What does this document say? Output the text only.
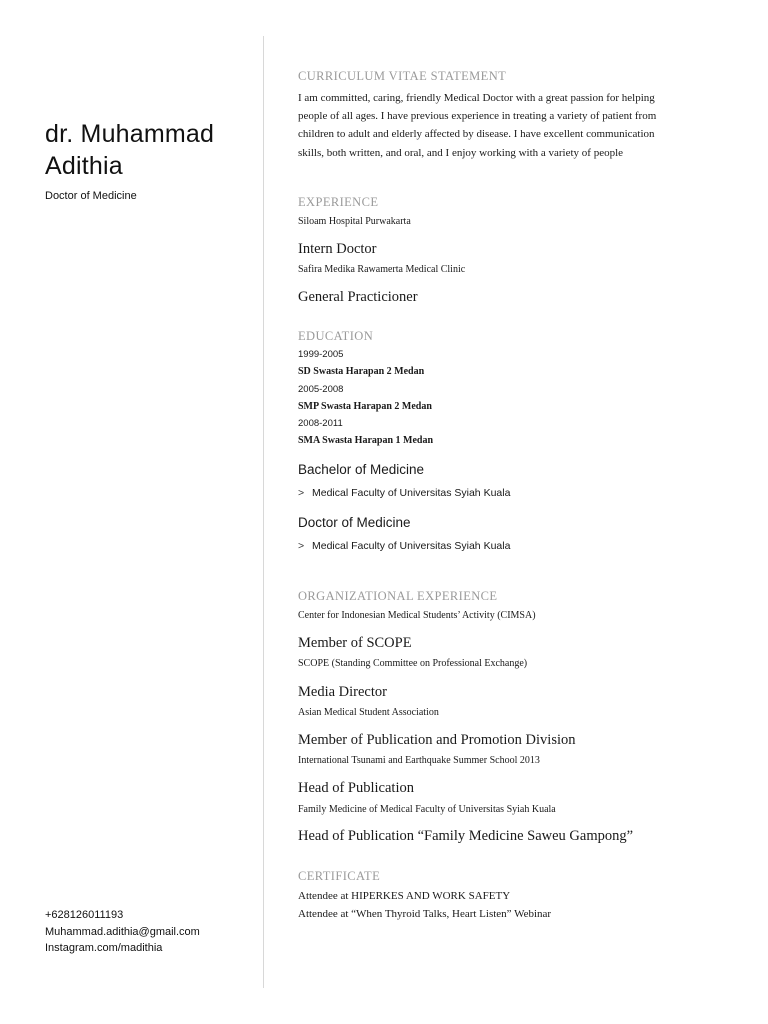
dr. Muhammad
Adithia
Doctor of Medicine
+628126011193
Muhammad.adithia@gmail.com
Instagram.com/madithia
CURRICULUM VITAE STATEMENT
I am committed, caring, friendly Medical Doctor with a great passion for helping
people of all ages. I have previous experience in treating a variety of patient from
children to adult and elderly affected by disease. I have excellent communication
skills, both written, and oral, and I enjoy working with a variety of people
EXPERIENCE
Siloam Hospital Purwakarta
Intern Doctor
Safira Medika Rawamerta Medical Clinic
General Practicioner
EDUCATION
1999-2005
SD Swasta Harapan 2 Medan
2005-2008
SMP Swasta Harapan 2 Medan
2008-2011
SMA Swasta Harapan 1 Medan
Bachelor of Medicine
> Medical Faculty of Universitas Syiah Kuala
Doctor of Medicine
> Medical Faculty of Universitas Syiah Kuala
ORGANIZATIONAL EXPERIENCE
Center for Indonesian Medical Students’ Activity (CIMSA)
Member of SCOPE
SCOPE (Standing Committee on Professional Exchange)
Media Director
Asian Medical Student Association
Member of Publication and Promotion Division
International Tsunami and Earthquake Summer School 2013
Head of Publication
Family Medicine of Medical Faculty of Universitas Syiah Kuala
Head of Publication “Family Medicine Saweu Gampong”
CERTIFICATE
Attendee at HIPERKES AND WORK SAFETY
Attendee at “When Thyroid Talks, Heart Listen” Webinar
